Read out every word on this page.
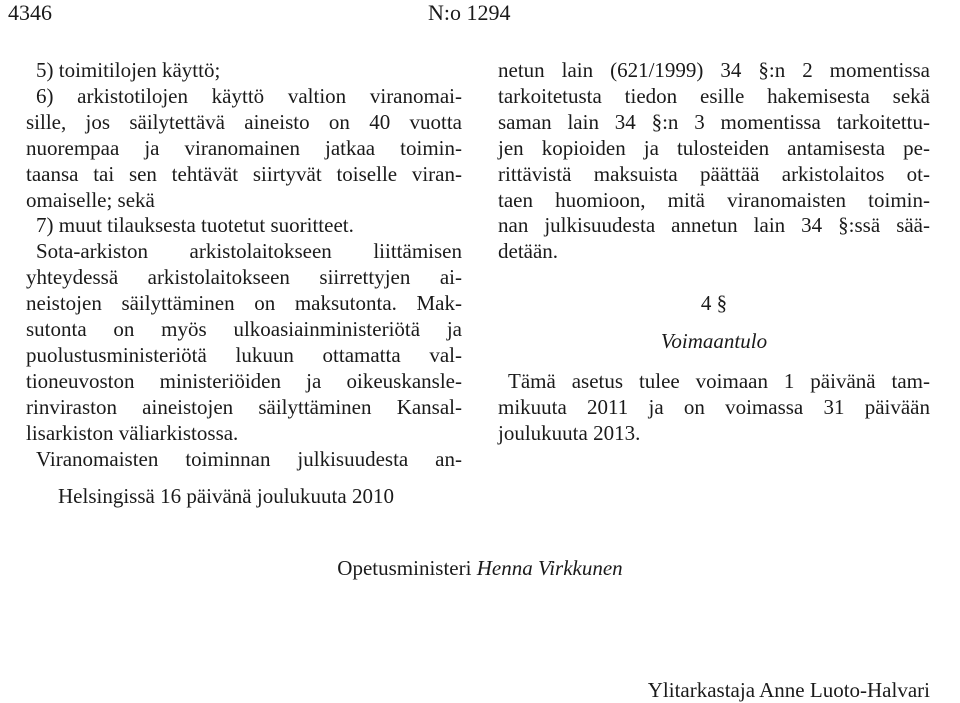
4346	N:o 1294
5) toimitilojen käyttö;
6) arkistotilojen käyttö valtion viranomai-
sille, jos säilytettävä aineisto on 40 vuotta
nuorempaa ja viranomainen jatkaa toimin-
taansa tai sen tehtävät siirtyvät toiselle viran-
omaiselle; sekä
7) muut tilauksesta tuotetut suoritteet.
Sota-arkiston arkistolaitokseen liittämisen
yhteydessä arkistolaitokseen siirrettyjen ai-
neistojen säilyttäminen on maksutonta. Mak-
sutonta on myös ulkoasiainministeriötä ja
puolustusministeriötä lukuun ottamatta val-
tioneuvoston ministeriöiden ja oikeuskansle-
rinviraston aineistojen säilyttäminen Kansal-
lisarkiston väliarkistossa.
Viranomaisten toiminnan julkisuudesta an-
netun lain (621/1999) 34 §:n 2 momentissa
tarkoitetusta tiedon esille hakemisesta sekä
saman lain 34 §:n 3 momentissa tarkoitettu-
jen kopioiden ja tulosteiden antamisesta pe-
rittävistä maksuista päättää arkistolaitos ot-
taen huomioon, mitä viranomaisten toimin-
nan julkisuudesta annetun lain 34 §:ssä sää-
detään.
4 §
Voimaantulo
Tämä asetus tulee voimaan 1 päivänä tam-
mikuuta 2011 ja on voimassa 31 päivään
joulukuuta 2013.
Helsingissä 16 päivänä joulukuuta 2010
Opetusministeri Henna Virkkunen
Ylitarkastaja Anne Luoto-Halvari
